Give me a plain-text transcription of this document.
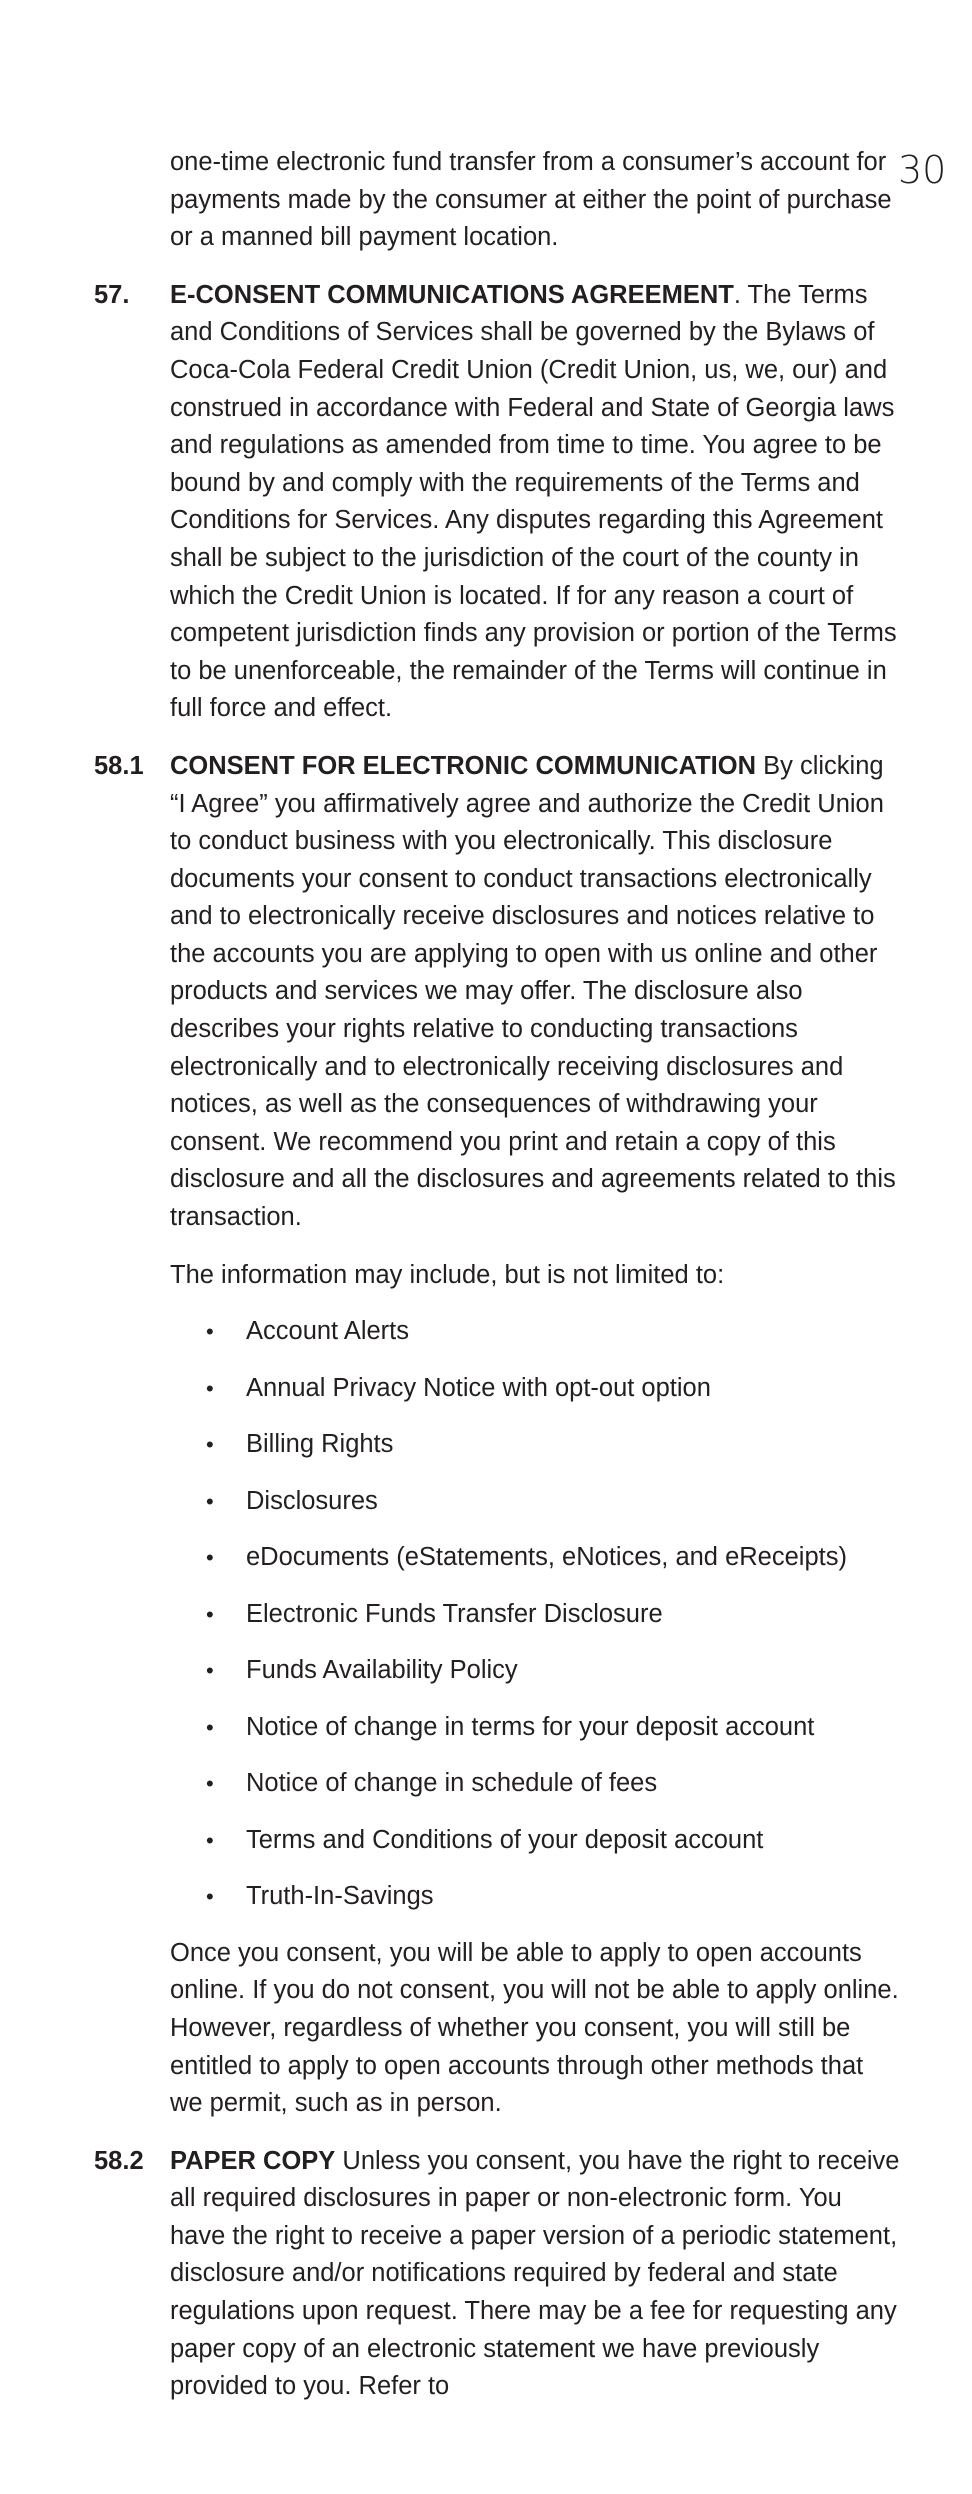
30
one-time electronic fund transfer from a consumer’s account for payments made by the consumer at either the point of purchase or a manned bill payment location.
57. E-CONSENT COMMUNICATIONS AGREEMENT. The Terms and Conditions of Services shall be governed by the Bylaws of Coca-Cola Federal Credit Union (Credit Union, us, we, our) and construed in accordance with Federal and State of Georgia laws and regulations as amended from time to time. You agree to be bound by and comply with the requirements of the Terms and Conditions for Services. Any disputes regarding this Agreement shall be subject to the jurisdiction of the court of the county in which the Credit Union is located. If for any reason a court of competent jurisdiction finds any provision or portion of the Terms to be unenforceable, the remainder of the Terms will continue in full force and effect.
58.1 CONSENT FOR ELECTRONIC COMMUNICATION By clicking “I Agree” you affirmatively agree and authorize the Credit Union to conduct business with you electronically. This disclosure documents your consent to conduct transactions electronically and to electronically receive disclosures and notices relative to the accounts you are applying to open with us online and other products and services we may offer. The disclosure also describes your rights relative to conducting transactions electronically and to electronically receiving disclosures and notices, as well as the consequences of withdrawing your consent. We recommend you print and retain a copy of this disclosure and all the disclosures and agreements related to this transaction.
The information may include, but is not limited to:
• Account Alerts
• Annual Privacy Notice with opt-out option
• Billing Rights
• Disclosures
• eDocuments (eStatements, eNotices, and eReceipts)
• Electronic Funds Transfer Disclosure
• Funds Availability Policy
• Notice of change in terms for your deposit account
• Notice of change in schedule of fees
• Terms and Conditions of your deposit account
• Truth-In-Savings
Once you consent, you will be able to apply to open accounts online. If you do not consent, you will not be able to apply online. However, regardless of whether you consent, you will still be entitled to apply to open accounts through other methods that we permit, such as in person.
58.2 PAPER COPY Unless you consent, you have the right to receive all required disclosures in paper or non-electronic form. You have the right to receive a paper version of a periodic statement, disclosure and/or notifications required by federal and state regulations upon request. There may be a fee for requesting any paper copy of an electronic statement we have previously provided to you. Refer to
